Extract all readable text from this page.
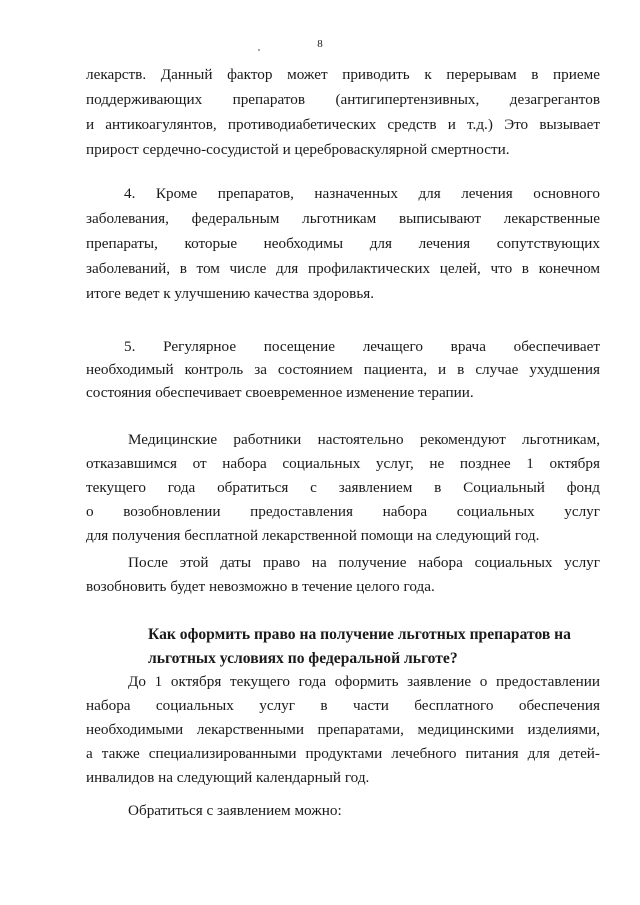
8
лекарств. Данный фактор может приводить к перерывам в приеме
поддерживающих препаратов (антигипертензивных, дезагрегантов
и антикоагулянтов, противодиабетических средств и т.д.) Это вызывает
прирост сердечно-сосудистой и цереброваскулярной смертности.
4. Кроме препаратов, назначенных для лечения основного
заболевания, федеральным льготникам выписывают лекарственные
препараты, которые необходимы для лечения сопутствующих
заболеваний, в том числе для профилактических целей, что в конечном
итоге ведет к улучшению качества здоровья.
5. Регулярное посещение лечащего врача обеспечивает
необходимый контроль за состоянием пациента, и в случае ухудшения
состояния обеспечивает своевременное изменение терапии.
Медицинские работники настоятельно рекомендуют льготникам,
отказавшимся от набора социальных услуг, не позднее 1 октября
текущего года обратиться с заявлением в Социальный фонд
о возобновлении предоставления набора социальных услуг
для получения бесплатной лекарственной помощи на следующий год.
После этой даты право на получение набора социальных услуг
возобновить будет невозможно в течение целого года.
Как оформить право на получение льготных препаратов на
льготных условиях по федеральной льготе?
До 1 октября текущего года оформить заявление о предоставлении
набора социальных услуг в части бесплатного обеспечения
необходимыми лекарственными препаратами, медицинскими изделиями,
а также специализированными продуктами лечебного питания для детей-
инвалидов на следующий календарный год.
Обратиться с заявлением можно:
